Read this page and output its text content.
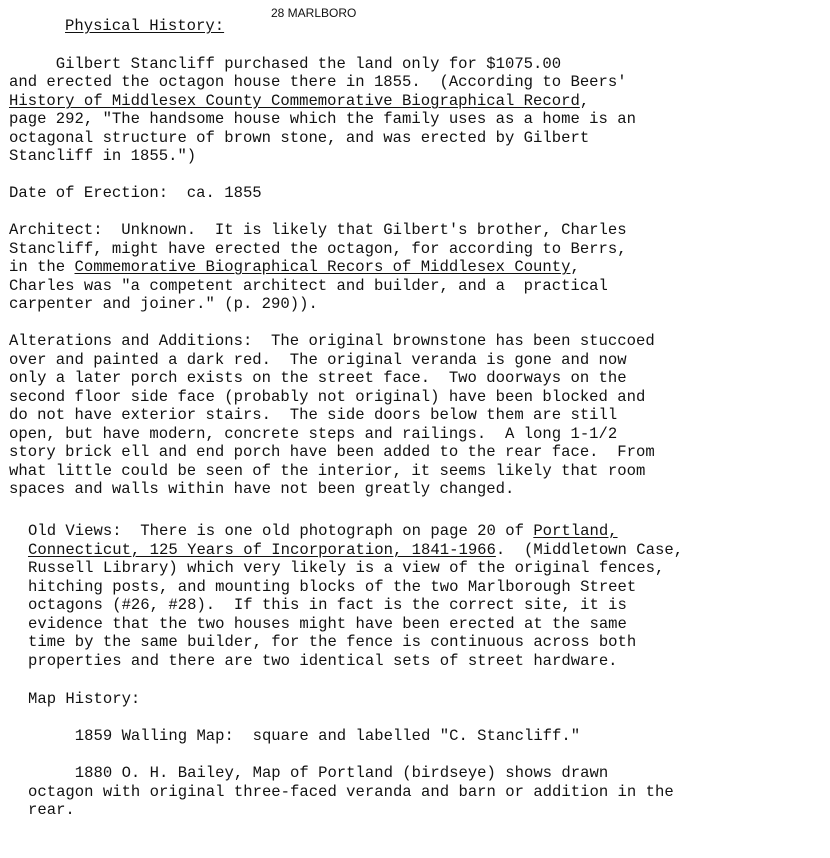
28 MARLBORO
Physical History:
Gilbert Stancliff purchased the land only for $1075.00
and erected the octagon house there in 1855.  (According to Beers'
History of Middlesex County Commemorative Biographical Record,
page 292, "The handsome house which the family uses as a home is an
octagonal structure of brown stone, and was erected by Gilbert
Stancliff in 1855.")
Date of Erection:  ca. 1855
Architect:  Unknown.  It is likely that Gilbert's brother, Charles
Stancliff, might have erected the octagon, for according to Berrs,
in the Commemorative Biographical Recors of Middlesex County,
Charles was "a competent architect and builder, and a  practical
carpenter and joiner." (p. 290)).
Alterations and Additions:  The original brownstone has been stuccoed
over and painted a dark red.  The original veranda is gone and now
only a later porch exists on the street face.  Two doorways on the
second floor side face (probably not original) have been blocked and
do not have exterior stairs.  The side doors below them are still
open, but have modern, concrete steps and railings.  A long 1-1/2
story brick ell and end porch have been added to the rear face.  From
what little could be seen of the interior, it seems likely that room
spaces and walls within have not been greatly changed.
Old Views:  There is one old photograph on page 20 of Portland,
Connecticut, 125 Years of Incorporation, 1841-1966.  (Middletown Case,
Russell Library) which very likely is a view of the original fences,
hitching posts, and mounting blocks of the two Marlborough Street
octagons (#26, #28).  If this in fact is the correct site, it is
evidence that the two houses might have been erected at the same
time by the same builder, for the fence is continuous across both
properties and there are two identical sets of street hardware.
Map History:
1859 Walling Map:  square and labelled "C. Stancliff."
1880 O. H. Bailey, Map of Portland (birdseye) shows drawn
octagon with original three-faced veranda and barn or addition in the
rear.
